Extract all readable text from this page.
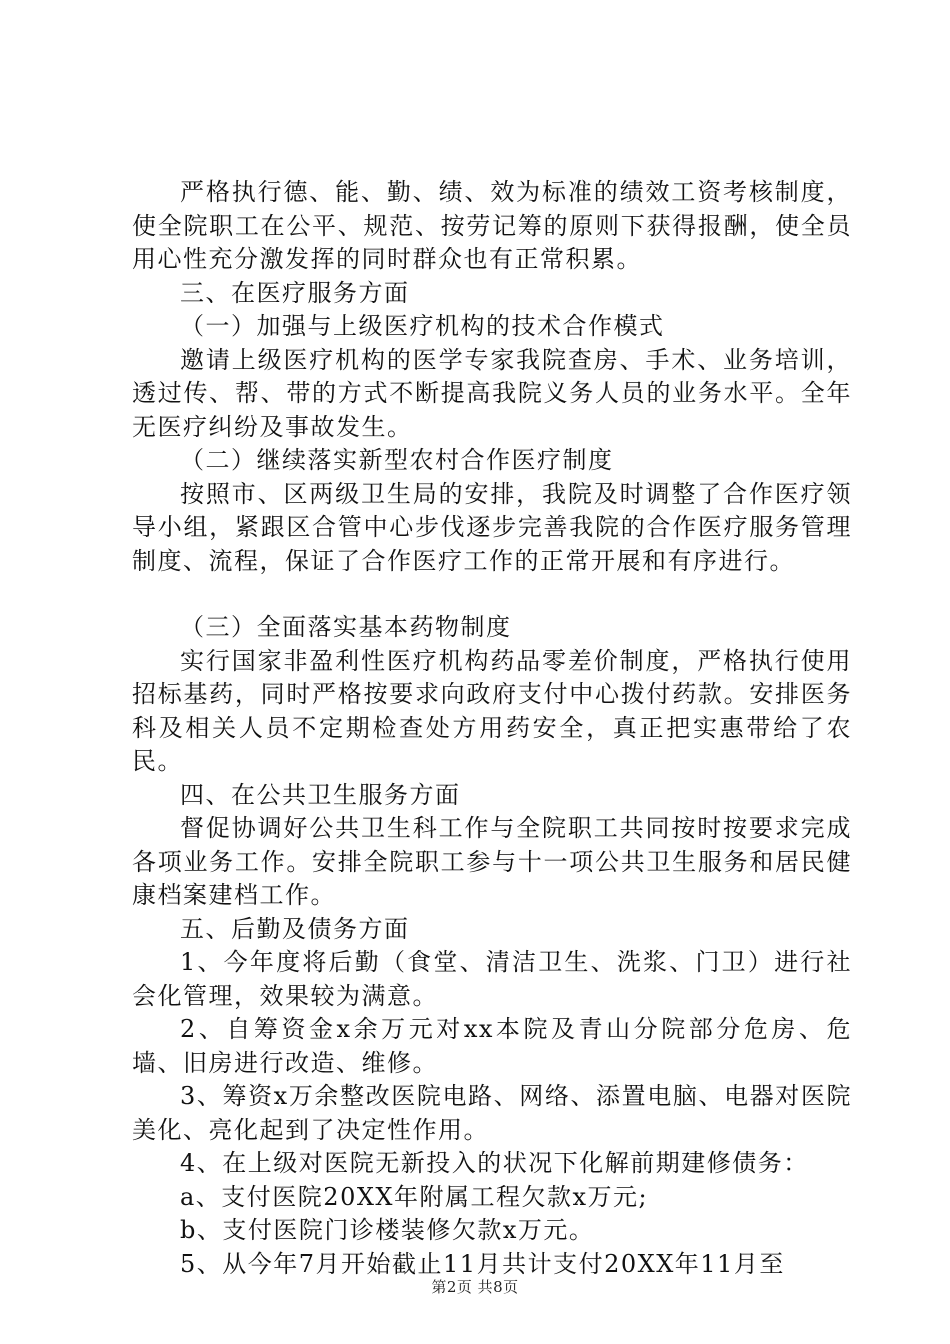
严格执行德、能、勤、绩、效为标准的绩效工资考核制度，使全院职工在公平、规范、按劳记筹的原则下获得报酬，使全员用心性充分激发挥的同时群众也有正常积累。

三、在医疗服务方面

（一）加强与上级医疗机构的技术合作模式

邀请上级医疗机构的医学专家我院查房、手术、业务培训，透过传、帮、带的方式不断提高我院义务人员的业务水平。全年无医疗纠纷及事故发生。

（二）继续落实新型农村合作医疗制度

按照市、区两级卫生局的安排，我院及时调整了合作医疗领导小组，紧跟区合管中心步伐逐步完善我院的合作医疗服务管理制度、流程，保证了合作医疗工作的正常开展和有序进行。

（三）全面落实基本药物制度

实行国家非盈利性医疗机构药品零差价制度，严格执行使用招标基药，同时严格按要求向政府支付中心拨付药款。安排医务科及相关人员不定期检查处方用药安全，真正把实惠带给了农民。

四、在公共卫生服务方面

督促协调好公共卫生科工作与全院职工共同按时按要求完成各项业务工作。安排全院职工参与十一项公共卫生服务和居民健康档案建档工作。

五、后勤及债务方面

1、今年度将后勤（食堂、清洁卫生、洗浆、门卫）进行社会化管理，效果较为满意。

2、自筹资金x余万元对xx本院及青山分院部分危房、危墙、旧房进行改造、维修。

3、筹资x万余整改医院电路、网络、添置电脑、电器对医院美化、亮化起到了决定性作用。

4、在上级对医院无新投入的状况下化解前期建修债务：

a、支付医院20XX年附属工程欠款x万元;

b、支付医院门诊楼装修欠款x万元。

5、从今年7月开始截止11月共计支付20XX年11月至

第2页 共8页
